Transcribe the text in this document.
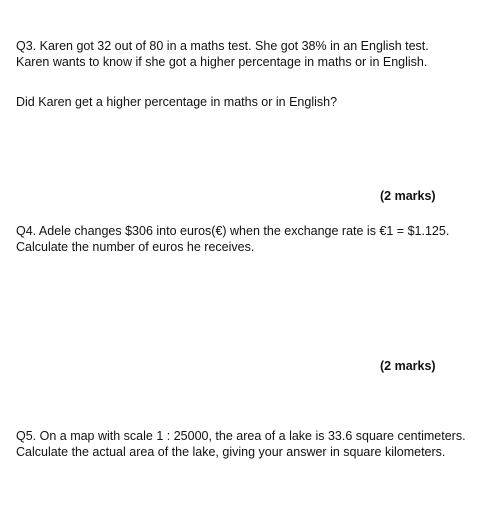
Q3. Karen got 32 out of 80 in a maths test. She got 38% in an English test.
Karen wants to know if she got a higher percentage in maths or in English.
Did Karen get a higher percentage in maths or in English?
(2 marks)
Q4. Adele changes $306 into euros(€) when the exchange rate is €1 = $1.125.
Calculate the number of euros he receives.
(2 marks)
Q5. On a map with scale 1 : 25000, the area of a lake is 33.6 square centimeters.
Calculate the actual area of the lake, giving your answer in square kilometers.
